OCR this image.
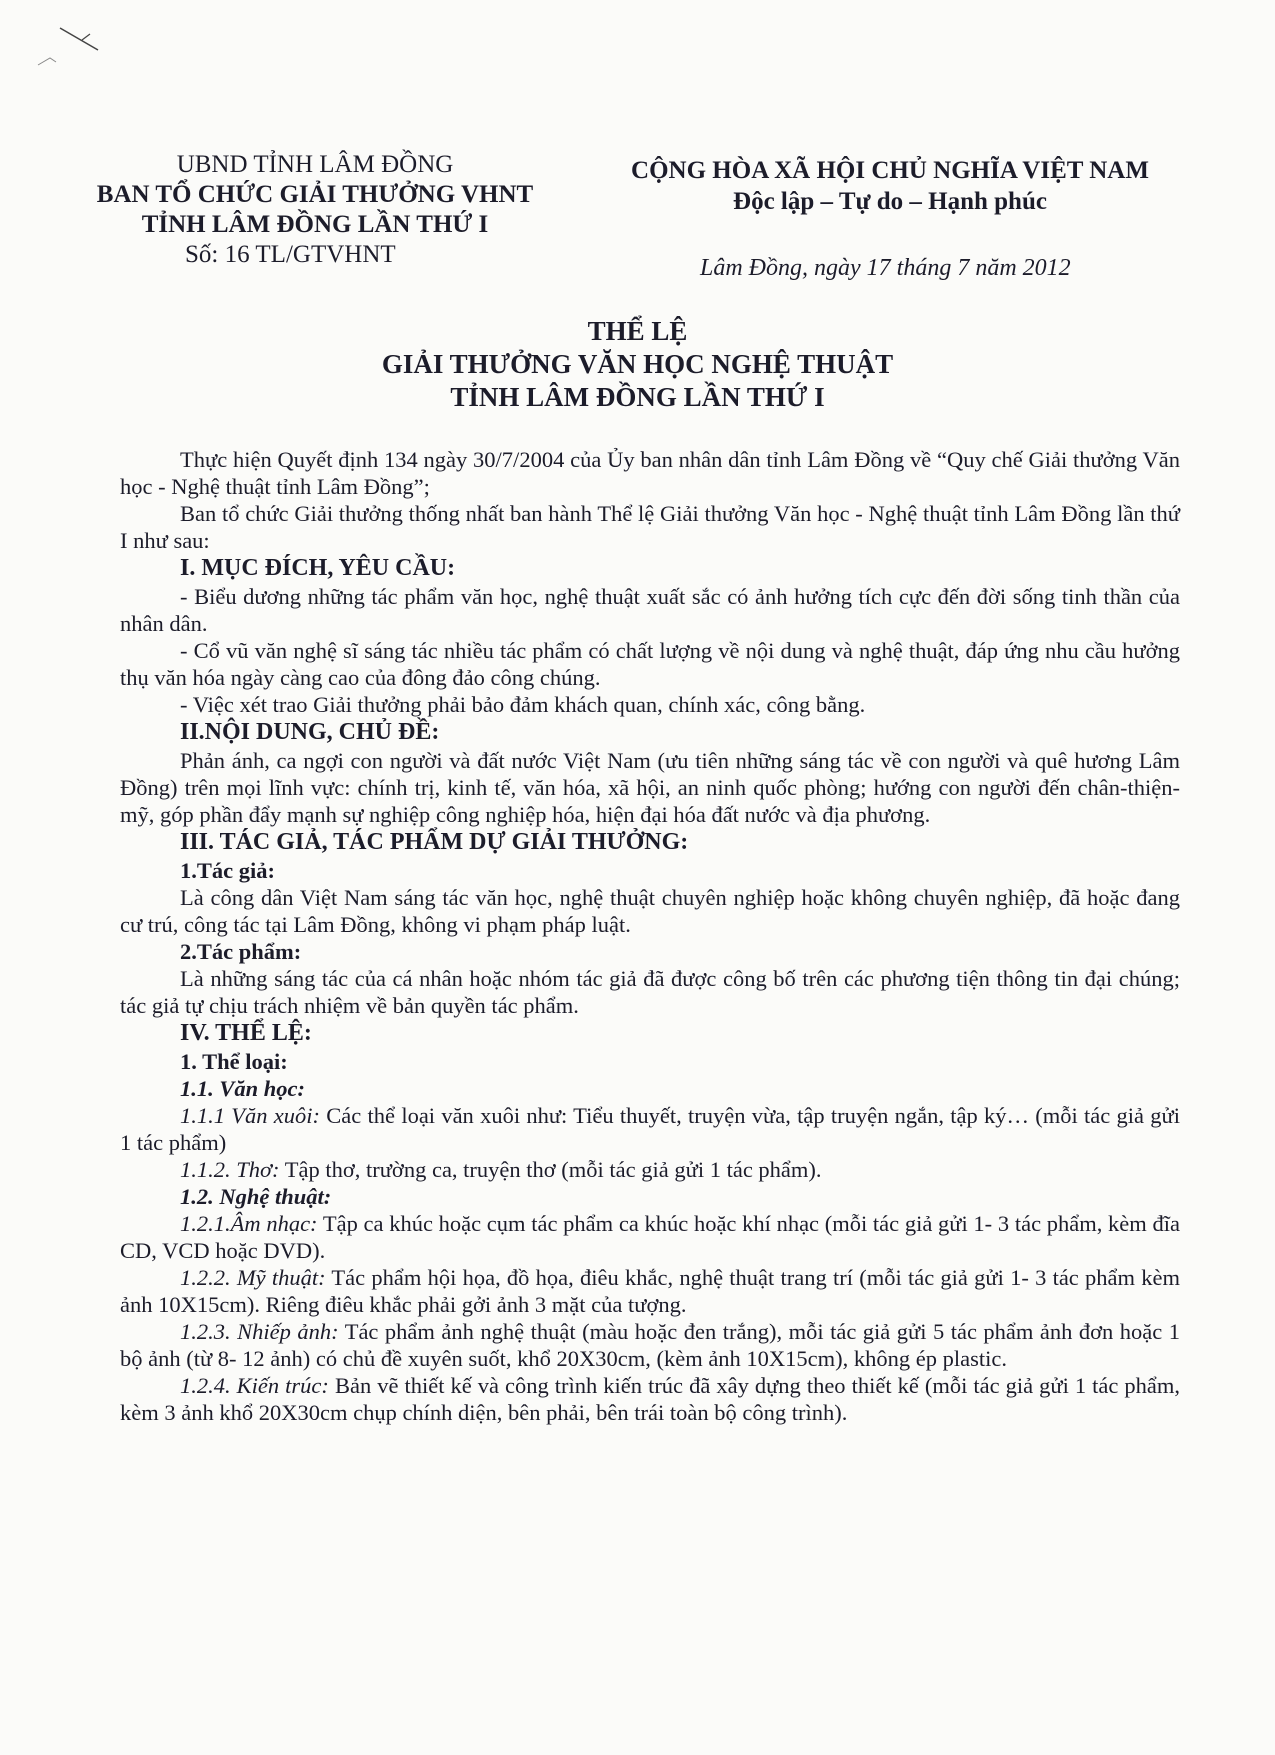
UBND TỈNH LÂM ĐỒNG
BAN TỔ CHỨC GIẢI THƯỞNG VHNT
TỈNH LÂM ĐỒNG LẦN THỨ I
Số: 16 TL/GTVHNT
CỘNG HÒA XÃ HỘI CHỦ NGHĨA VIỆT NAM
Độc lập – Tự do – Hạnh phúc
Lâm Đồng, ngày 17 tháng 7 năm 2012
THỂ LỆ
GIẢI THƯỞNG VĂN HỌC NGHỆ THUẬT
TỈNH LÂM ĐỒNG LẦN THỨ I

Thực hiện Quyết định 134 ngày 30/7/2004 của Ủy ban nhân dân tỉnh Lâm Đồng về “Quy chế Giải thưởng Văn học - Nghệ thuật tỉnh Lâm Đồng”;

Ban tổ chức Giải thưởng thống nhất ban hành Thể lệ Giải thưởng Văn học - Nghệ thuật tỉnh Lâm Đồng lần thứ I như sau:

I. MỤC ĐÍCH, YÊU CẦU:

- Biểu dương những tác phẩm văn học, nghệ thuật xuất sắc có ảnh hưởng tích cực đến đời sống tinh thần của nhân dân.

- Cổ vũ văn nghệ sĩ sáng tác nhiều tác phẩm có chất lượng về nội dung và nghệ thuật, đáp ứng nhu cầu hưởng thụ văn hóa ngày càng cao của đông đảo công chúng.

- Việc xét trao Giải thưởng phải bảo đảm khách quan, chính xác, công bằng.

II.NỘI DUNG, CHỦ ĐỀ:

Phản ánh, ca ngợi con người và đất nước Việt Nam (ưu tiên những sáng tác về con người và quê hương Lâm Đồng) trên mọi lĩnh vực: chính trị, kinh tế, văn hóa, xã hội, an ninh quốc phòng; hướng con người đến chân-thiện-mỹ, góp phần đẩy mạnh sự nghiệp công nghiệp hóa, hiện đại hóa đất nước và địa phương.

III. TÁC GIẢ, TÁC PHẨM DỰ GIẢI THƯỞNG:

1.Tác giả:

Là công dân Việt Nam sáng tác văn học, nghệ thuật chuyên nghiệp hoặc không chuyên nghiệp, đã hoặc đang cư trú, công tác tại Lâm Đồng, không vi phạm pháp luật.

2.Tác phẩm:

Là những sáng tác của cá nhân hoặc nhóm tác giả đã được công bố trên các phương tiện thông tin đại chúng; tác giả tự chịu trách nhiệm về bản quyền tác phẩm.

IV. THỂ LỆ:

1. Thể loại:

1.1. Văn học:

1.1.1 Văn xuôi: Các thể loại văn xuôi như: Tiểu thuyết, truyện vừa, tập truyện ngắn, tập ký… (mỗi tác giả gửi 1 tác phẩm)

1.1.2. Thơ: Tập thơ, trường ca, truyện thơ (mỗi tác giả gửi 1 tác phẩm).

1.2. Nghệ thuật:

1.2.1.Âm nhạc: Tập ca khúc hoặc cụm tác phẩm ca khúc hoặc khí nhạc (mỗi tác giả gửi 1- 3 tác phẩm, kèm đĩa CD, VCD hoặc DVD).

1.2.2. Mỹ thuật: Tác phẩm hội họa, đồ họa, điêu khắc, nghệ thuật trang trí (mỗi tác giả gửi 1- 3 tác phẩm kèm ảnh 10X15cm). Riêng điêu khắc phải gởi ảnh 3 mặt của tượng.

1.2.3. Nhiếp ảnh: Tác phẩm ảnh nghệ thuật (màu hoặc đen trắng), mỗi tác giả gửi 5 tác phẩm ảnh đơn hoặc 1 bộ ảnh (từ 8- 12 ảnh) có chủ đề xuyên suốt, khổ 20X30cm, (kèm ảnh 10X15cm), không ép plastic.

1.2.4. Kiến trúc: Bản vẽ thiết kế và công trình kiến trúc đã xây dựng theo thiết kế (mỗi tác giả gửi 1 tác phẩm, kèm 3 ảnh khổ 20X30cm chụp chính diện, bên phải, bên trái toàn bộ công trình).
